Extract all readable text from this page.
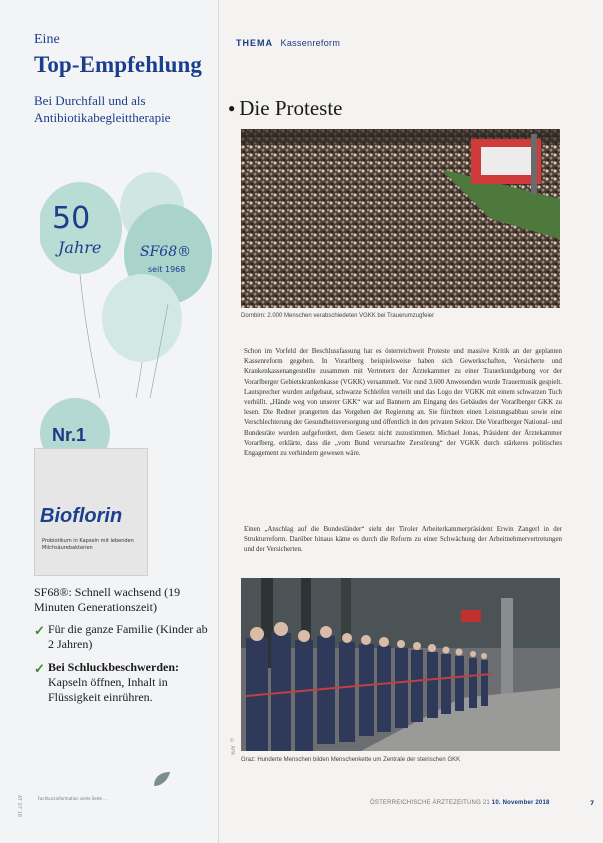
Eine
Top-Empfehlung
Bei Durchfall und als Antibiotikabegleittherapie
50
Jahre	SF68®
seit 1968
Nr.1
Bioflorin
Probiotikum in Kapseln mit lebenden Milchsäurebakterien
SF68®: Schnell wachsend (19 Minuten Generationszeit)
✓ Für die ganze Familie (Kinder ab 2 Jahren)
✓ Bei Schluckbeschwerden: Kapseln öffnen, Inhalt in Flüssigkeit einrühren.
Fachkurzinformation siehe Seite ...
AT 07 18
THEMA Kassenreform
● Die Proteste
Dornbirn: 2.000 Menschen verabschiedeten VGKK bei Trauerumzugfeier
Schon im Vorfeld der Beschlussfassung hat es österreichweit Proteste und massive Kritik an der geplanten Kassenreform gegeben. In Vorarlberg beispielsweise haben sich Gewerkschaften, Versicherte und Krankenkassenangestellte zusammen mit Vertretern der Ärztekammer zu einer Trauerkundgebung vor der Vorarlberger Gebietskrankenkasse (VGKK) versammelt. Vor rund 3.600 Anwesenden wurde Trauermusik gespielt. Lautsprecher wurden aufgebaut, schwarze Schleifen verteilt und das Logo der VGKK mit einem schwarzen Tuch verhüllt. „Hände weg von unserer GKK“ war auf Bannern am Eingang des Gebäudes der Vorarlberger GKK zu lesen. Die Redner prangerten das Vorgehen der Regierung an. Sie fürchten einen Leistungsabbau sowie eine Verschlechterung der Gesundheitsversorgung und öffentlich in den privaten Sektor. Die Vorarlberger National- und Bundesräte wurden aufgefordert, dem Gesetz nicht zuzustimmen. Michael Jonas, Präsident der Ärztekammer Vorarlberg, erklärte, dass die „vom Bund verursachte Zerstörung“ der VGKK durch stärkeres politisches Engagement zu verhindern gewesen wäre.
Einen „Anschlag auf die Bundesländer“ sieht der Tiroler Arbeiterkammerpräsident Erwin Zangerl in der Strukturreform. Darüber hinaus käme es durch die Reform zu einer Schwächung der Arbeitnehmervertretungen und der Versicherten.
© APA
Graz: Hunderte Menschen bilden Menschenkette um Zentrale der steirischen GKK
ÖSTERREICHISCHE ÄRZTEZEITUNG 21 10. November 2018	7
